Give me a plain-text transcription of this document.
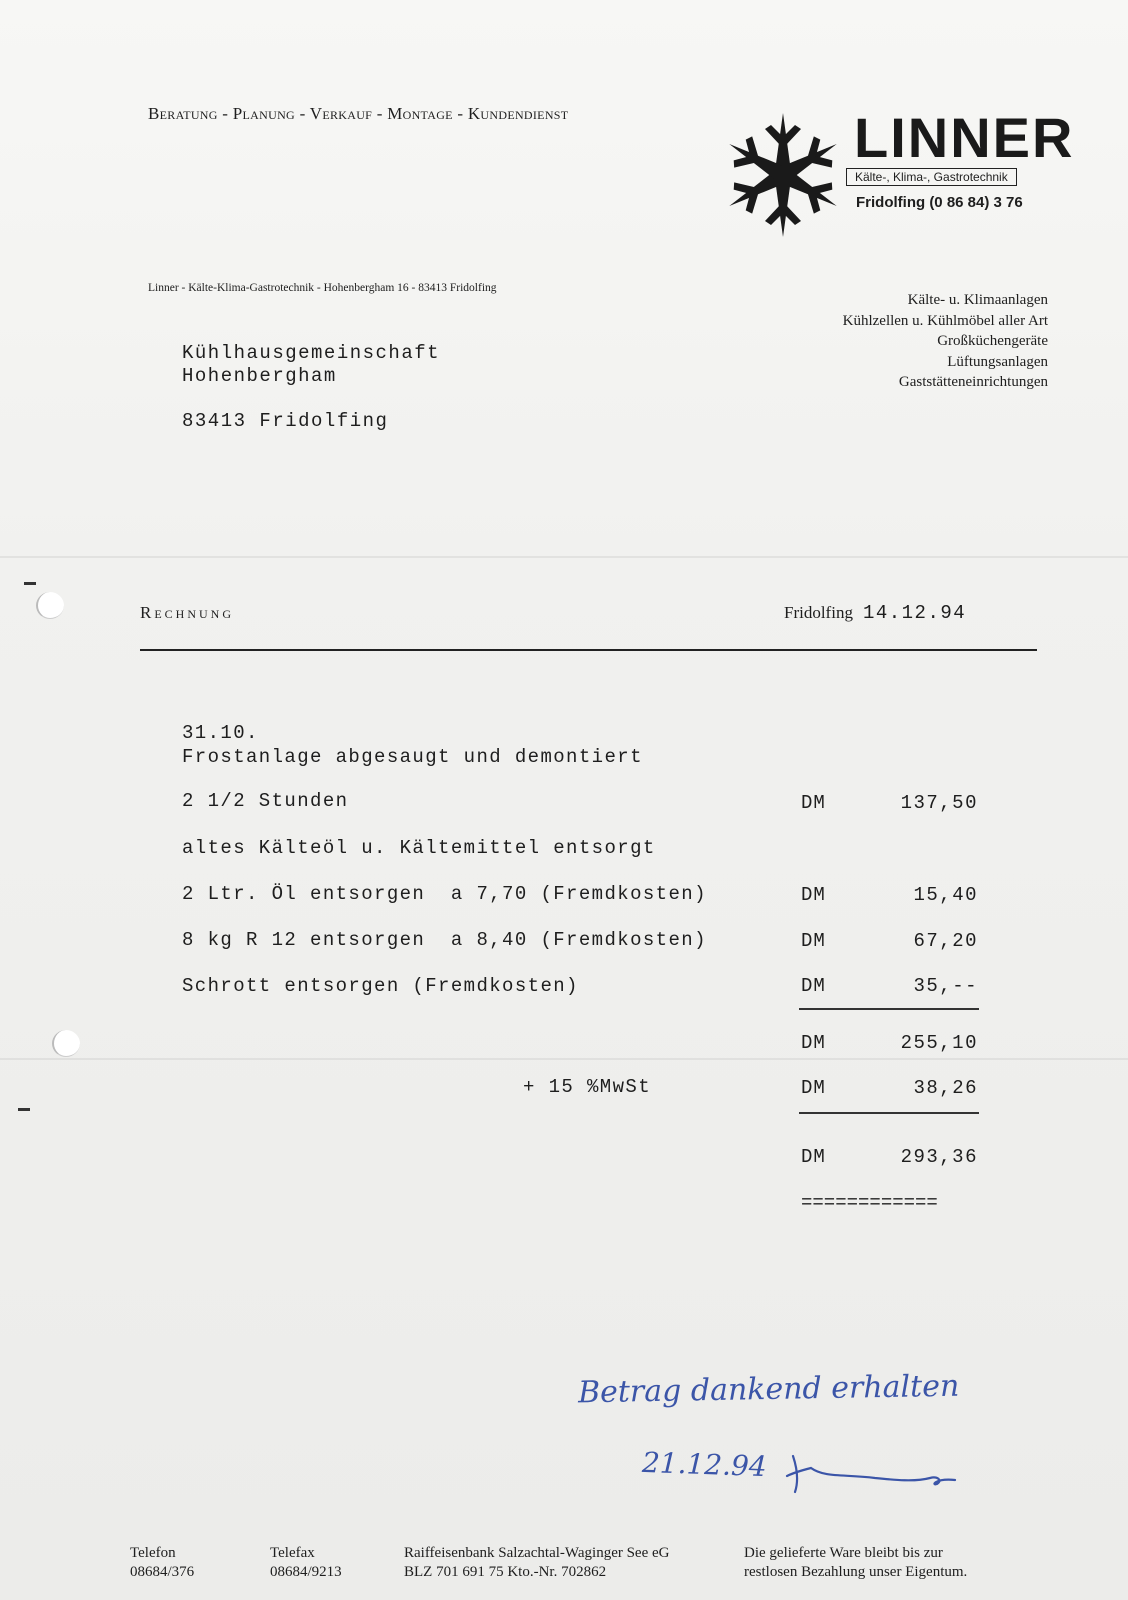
Beratung - Planung - Verkauf - Montage - Kundendienst	LINNER
Kälte-, Klima-, Gastrotechnik
Fridolfing (0 86 84) 3 76
Linner - Kälte-Klima-Gastrotechnik - Hohenbergham 16 - 83413 Fridolfing
Kälte- u. Klimaanlagen
Kühlzellen u. Kühlmöbel aller Art
Großküchengeräte
Lüftungsanlagen
Gaststätteneinrichtungen
Kühlhausgemeinschaft
Hohenbergham
83413 Fridolfing
Rechnung	Fridolfing 14.12.94
31.10.
Frostanlage abgesaugt und demontiert
2 1/2 Stunden	DM	137,50
altes Kälteöl u. Kältemittel entsorgt
2 Ltr. Öl entsorgen  a 7,70 (Fremdkosten)	DM	15,40
8 kg R 12 entsorgen  a 8,40 (Fremdkosten)	DM	67,20
Schrott entsorgen (Fremdkosten)	DM	35,--
DM	255,10
+ 15 %MwSt	DM	38,26
DM	293,36
============
Betrag dankend erhalten
21.12.94
Telefon
08684/376
Telefax
08684/9213
Raiffeisenbank Salzachtal-Waginger See eG
BLZ 701 691 75 Kto.-Nr. 702862
Die gelieferte Ware bleibt bis zur restlosen Bezahlung unser Eigentum.
